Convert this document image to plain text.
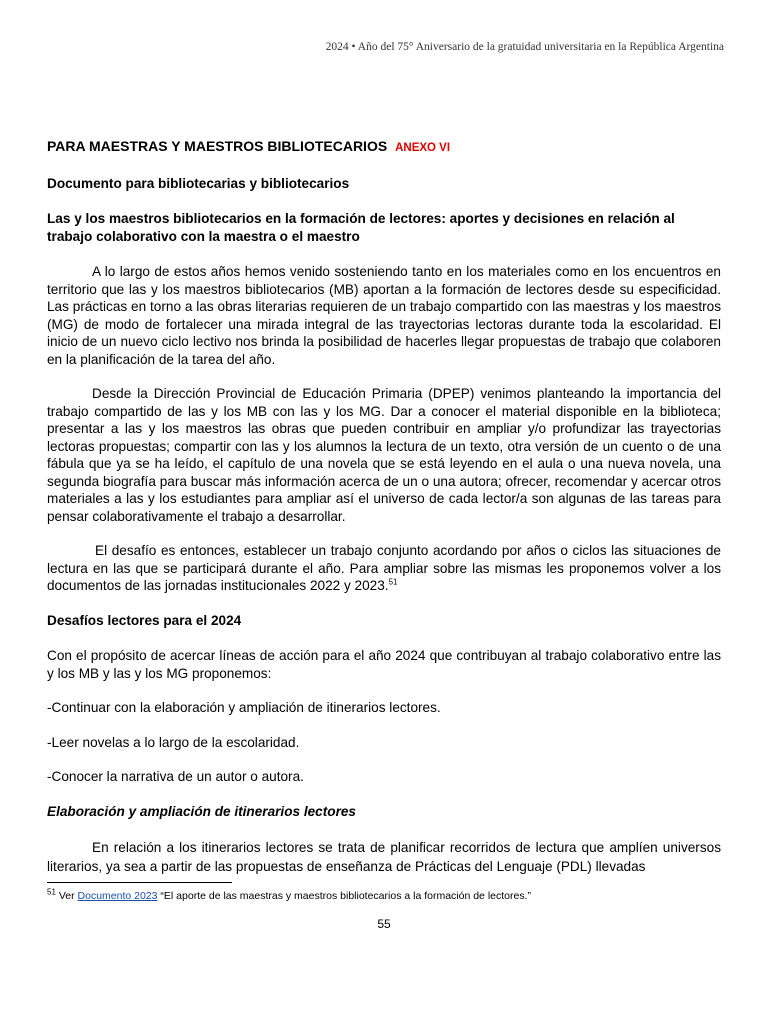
2024 • Año del 75° Aniversario de la gratuidad universitaria en la República Argentina
PARA MAESTRAS Y MAESTROS BIBLIOTECARIOS ANEXO VI
Documento para bibliotecarias y bibliotecarios
Las y los maestros bibliotecarios en la formación de lectores: aportes y decisiones en relación al trabajo colaborativo con la maestra o el maestro

A lo largo de estos años hemos venido sosteniendo tanto en los materiales como en los encuentros en territorio que las y los maestros bibliotecarios (MB) aportan a la formación de lectores desde su especificidad. Las prácticas en torno a las obras literarias requieren de un trabajo compartido con las maestras y los maestros (MG) de modo de fortalecer una mirada integral de las trayectorias lectoras durante toda la escolaridad. El inicio de un nuevo ciclo lectivo nos brinda la posibilidad de hacerles llegar propuestas de trabajo que colaboren en la planificación de la tarea del año.

Desde la Dirección Provincial de Educación Primaria (DPEP) venimos planteando la importancia del trabajo compartido de las y los MB con las y los MG. Dar a conocer el material disponible en la biblioteca; presentar a las y los maestros las obras que pueden contribuir en ampliar y/o profundizar las trayectorias lectoras propuestas; compartir con las y los alumnos la lectura de un texto, otra versión de un cuento o de una fábula que ya se ha leído, el capítulo de una novela que se está leyendo en el aula o una nueva novela, una segunda biografía para buscar más información acerca de un o una autora; ofrecer, recomendar y acercar otros materiales a las y los estudiantes para ampliar así el universo de cada lector/a son algunas de las tareas para pensar colaborativamente el trabajo a desarrollar.

El desafío es entonces, establecer un trabajo conjunto acordando por años o ciclos las situaciones de lectura en las que se participará durante el año. Para ampliar sobre las mismas les proponemos volver a los documentos de las jornadas institucionales 2022 y 2023.51

Desafíos lectores para el 2024

Con el propósito de acercar líneas de acción para el año 2024 que contribuyan al trabajo colaborativo entre las y los MB y las y los MG proponemos:

-Continuar con la elaboración y ampliación de itinerarios lectores.

-Leer novelas a lo largo de la escolaridad.

-Conocer la narrativa de un autor o autora.

Elaboración y ampliación de itinerarios lectores

En relación a los itinerarios lectores se trata de planificar recorridos de lectura que amplíen universos literarios, ya sea a partir de las propuestas de enseñanza de Prácticas del Lenguaje (PDL) llevadas

$^{51}$ Ver Documento 2023 “El aporte de las maestras y maestros bibliotecarios a la formación de lectores.”
55
